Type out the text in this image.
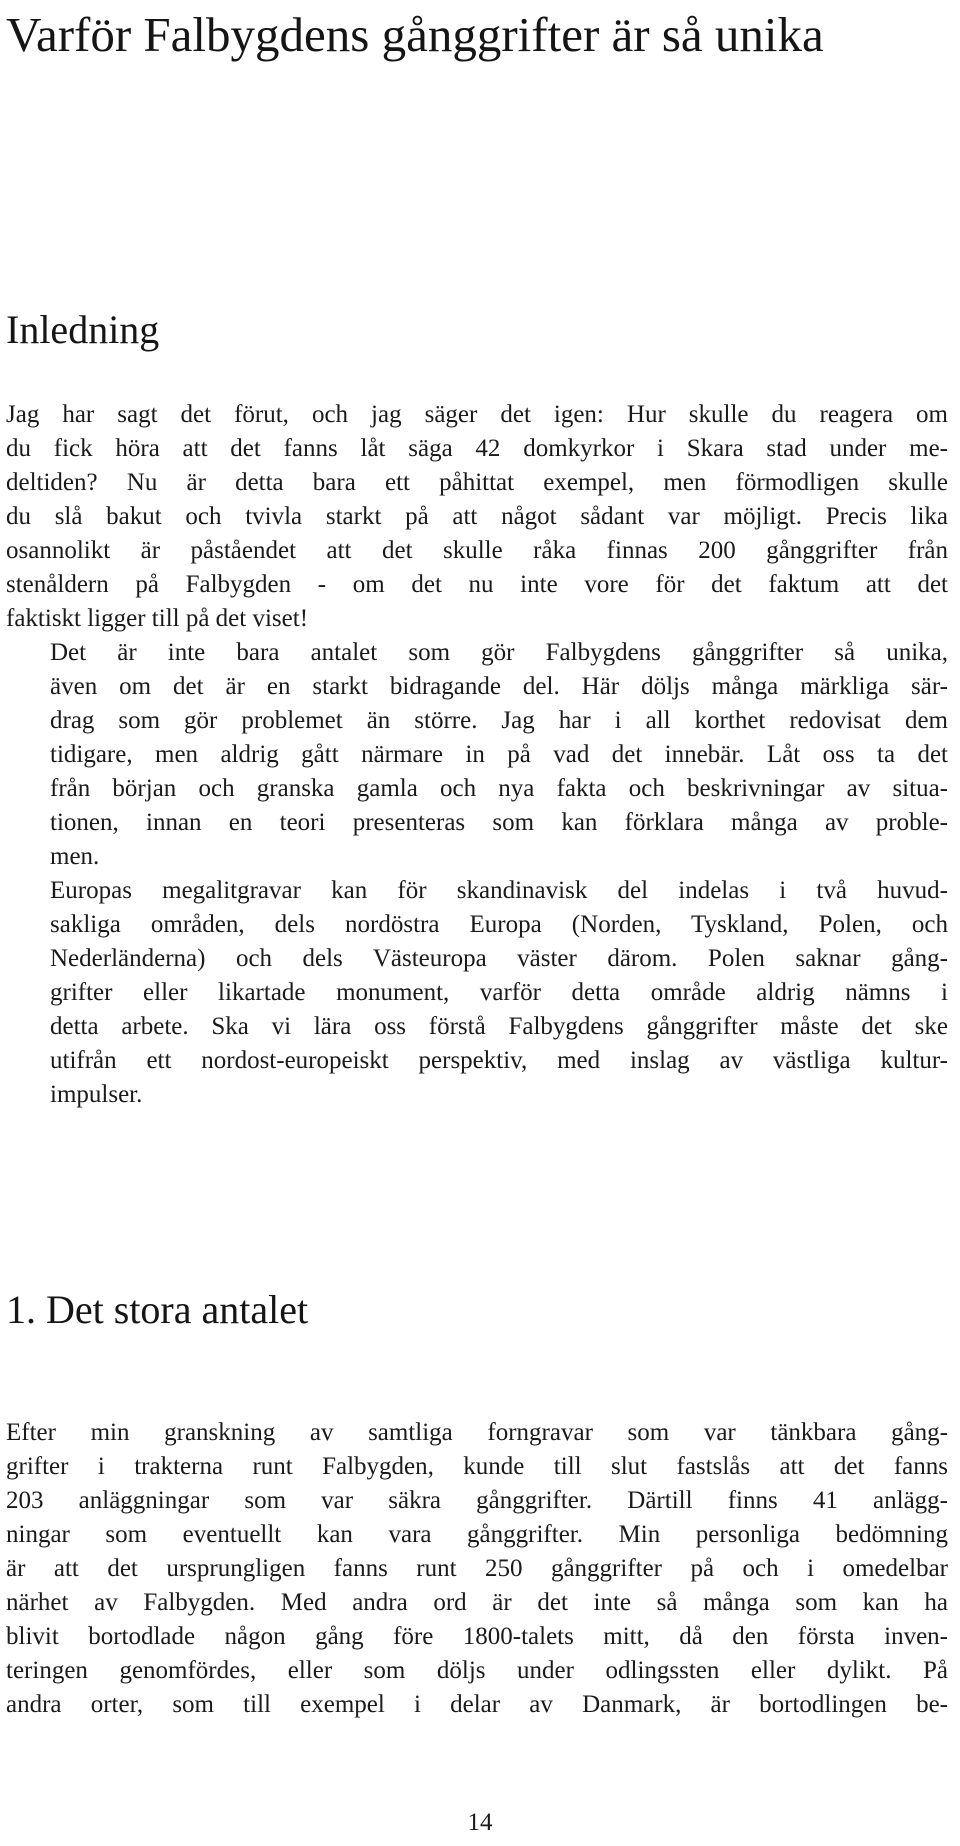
Varför Falbygdens gånggrifter är så unika
Inledning

Jag har sagt det förut, och jag säger det igen: Hur skulle du reagera om
du fick höra att det fanns låt säga 42 domkyrkor i Skara stad under me-
deltiden? Nu är detta bara ett påhittat exempel, men förmodligen skulle
du slå bakut och tvivla starkt på att något sådant var möjligt. Precis lika
osannolikt är påståendet att det skulle råka finnas 200 gånggrifter från
stenåldern på Falbygden - om det nu inte vore för det faktum att det
faktiskt ligger till på det viset!

Det är inte bara antalet som gör Falbygdens gånggrifter så unika,
även om det är en starkt bidragande del. Här döljs många märkliga sär-
drag som gör problemet än större. Jag har i all korthet redovisat dem
tidigare, men aldrig gått närmare in på vad det innebär. Låt oss ta det
från början och granska gamla och nya fakta och beskrivningar av situa-
tionen, innan en teori presenteras som kan förklara många av proble-
men.

Europas megalitgravar kan för skandinavisk del indelas i två huvud-
sakliga områden, dels nordöstra Europa (Norden, Tyskland, Polen, och
Nederländerna) och dels Västeuropa väster därom. Polen saknar gång-
grifter eller likartade monument, varför detta område aldrig nämns i
detta arbete. Ska vi lära oss förstå Falbygdens gånggrifter måste det ske
utifrån ett nordost-europeiskt perspektiv, med inslag av västliga kultur-
impulser.

1. Det stora antalet

Efter min granskning av samtliga forngravar som var tänkbara gång-
grifter i trakterna runt Falbygden, kunde till slut fastslås att det fanns
203 anläggningar som var säkra gånggrifter. Därtill finns 41 anlägg-
ningar som eventuellt kan vara gånggrifter. Min personliga bedömning
är att det ursprungligen fanns runt 250 gånggrifter på och i omedelbar
närhet av Falbygden. Med andra ord är det inte så många som kan ha
blivit bortodlade någon gång före 1800-talets mitt, då den första inven-
teringen genomfördes, eller som döljs under odlingssten eller dylikt. På
andra orter, som till exempel i delar av Danmark, är bortodlingen be-

14
